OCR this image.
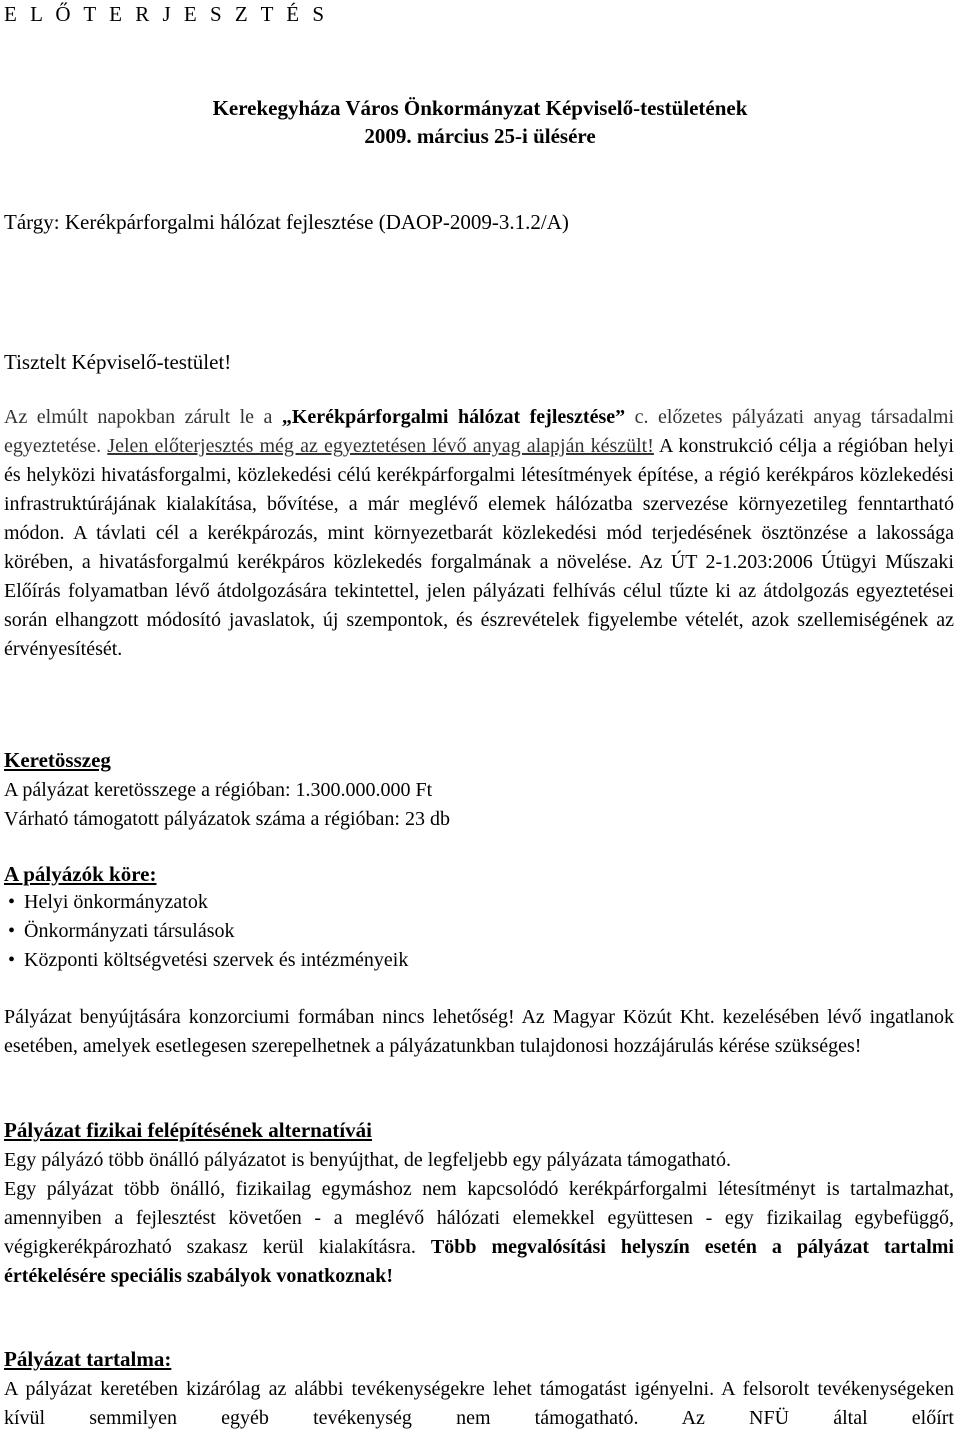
E L Ő T E R J E S Z T É S
Kerekegyháza Város Önkormányzat Képviselő-testületének
2009. március 25-i ülésére
Tárgy: Kerékpárforgalmi hálózat fejlesztése (DAOP-2009-3.1.2/A)
Tisztelt Képviselő-testület!
Az elmúlt napokban zárult le a „Kerékpárforgalmi hálózat fejlesztése” c. előzetes pályázati anyag társadalmi egyeztetése. Jelen előterjesztés még az egyeztetésen lévő anyag alapján készült! A konstrukció célja a régióban helyi és helyközi hivatásforgalmi, közlekedési célú kerékpárforgalmi létesítmények építése, a régió kerékpáros közlekedési infrastruktúrájának kialakítása, bővítése, a már meglévő elemek hálózatba szervezése környezetileg fenntartható módon. A távlati cél a kerékpározás, mint környezetbarát közlekedési mód terjedésének ösztönzése a lakossága körében, a hivatásforgalmú kerékpáros közlekedés forgalmának a növelése. Az ÚT 2-1.203:2006 Útügyi Műszaki Előírás folyamatban lévő átdolgozására tekintettel, jelen pályázati felhívás célul tűzte ki az átdolgozás egyeztetései során elhangzott módosító javaslatok, új szempontok, és észrevételek figyelembe vételét, azok szellemiségének az érvényesítését.
Keretösszeg
A pályázat keretösszege a régióban: 1.300.000.000 Ft
Várható támogatott pályázatok száma a régióban: 23 db
A pályázók köre:
• Helyi önkormányzatok
• Önkormányzati társulások
• Központi költségvetési szervek és intézményeik
Pályázat benyújtására konzorciumi formában nincs lehetőség! Az Magyar Közút Kht. kezelésében lévő ingatlanok esetében, amelyek esetlegesen szerepelhetnek a pályázatunkban tulajdonosi hozzájárulás kérése szükséges!
Pályázat fizikai felépítésének alternatívái
Egy pályázó több önálló pályázatot is benyújthat, de legfeljebb egy pályázata támogatható.
Egy pályázat több önálló, fizikailag egymáshoz nem kapcsolódó kerékpárforgalmi létesítményt is tartalmazhat, amennyiben a fejlesztést követően - a meglévő hálózati elemekkel együttesen - egy fizikailag egybefüggő, végigkerékpározható szakasz kerül kialakításra. Több megvalósítási helyszín esetén a pályázat tartalmi értékelésére speciális szabályok vonatkoznak!
Pályázat tartalma:
A pályázat keretében kizárólag az alábbi tevékenységekre lehet támogatást igényelni. A felsorolt tevékenységeken kívül semmilyen egyéb tevékenység nem támogatható. Az NFÜ által előírt
